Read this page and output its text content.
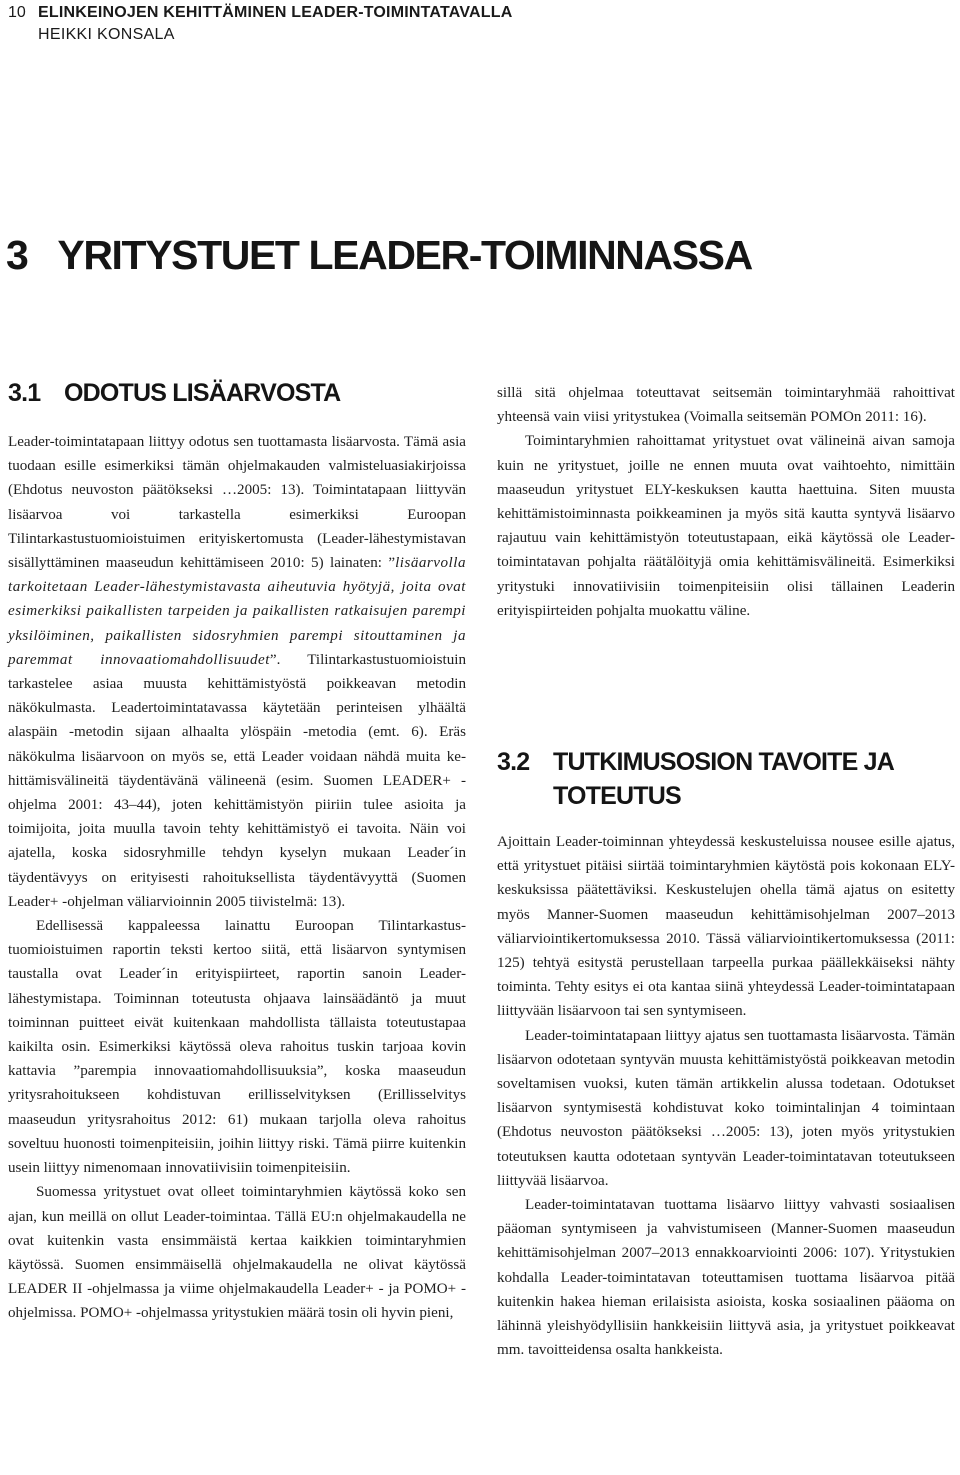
10 ELINKEINOJEN KEHITTÄMINEN LEADER-TOIMINTATAVALLA
HEIKKI KONSALA
3 YRITYSTUET LEADER-TOIMINNASSA
3.1 ODOTUS LISÄARVOSTA

Leader-toimintatapaan liittyy odotus sen tuottamasta lisäarvosta. Tämä asia tuodaan esille esimerkiksi tämän ohjelmakauden valmisteluasiakirjoissa (Ehdotus neuvoston päätökseksi …2005: 13). Toimintatapaan liittyvän lisäarvoa voi tarkastella esimerkiksi Euroopan Tilintarkastustuomioistuimen erityiskertomusta (Leader-lähestymistavan sisällyttäminen maaseudun kehittämiseen 2010: 5) lainaten: ”lisäarvolla tarkoitetaan Leader-lähestymistavasta aiheutuvia hyötyjä, joita ovat esimerkiksi paikallisten tarpeiden ja paikallisten ratkaisujen parempi yksilöiminen, paikallisten sidosryhmien parempi sitouttaminen ja paremmat innovaatiomahdollisuudet”. Tilintarkastustuomioistuin tarkastelee asiaa muusta kehittämistyöstä poikkeavan metodin näkökulmasta. Leadertoimintatavassa käytetään perinteisen ylhäältä alaspäin -metodin sijaan alhaalta ylöspäin -metodia (emt. 6). Eräs näkökulma lisäarvoon on myös se, että Leader voidaan nähdä muita kehittämisvälineitä täydentävänä välineenä (esim. Suomen LEADER+ -ohjelma 2001: 43–44), joten kehittämistyön piiriin tulee asioita ja toimijoita, joita muulla tavoin tehty kehittämistyö ei tavoita. Näin voi ajatella, koska sidosryhmille tehdyn kyselyn mukaan Leader´in täydentävyys on erityisesti rahoituksellista täydentävyyttä (Suomen Leader+ -ohjelman väliarvioinnin 2005 tiivistelmä: 13).

Edellisessä kappaleessa lainattu Euroopan Tilintarkastustuomioistuimen raportin teksti kertoo siitä, että lisäarvon syntymisen taustalla ovat Leader´in erityispiirteet, raportin sanoin Leader-lähestymistapa. Toiminnan toteutusta ohjaava lainsäädäntö ja muut toiminnan puitteet eivät kuitenkaan mahdollista tällaista toteutustapaa kaikilta osin. Esimerkiksi käytössä oleva rahoitus tuskin tarjoaa kovin kattavia ”parempia innovaatiomahdollisuuksia”, koska maaseudun yritysrahoitukseen kohdistuvan erillisselvityksen (Erillisselvitys maaseudun yritysrahoitus 2012: 61) mukaan tarjolla oleva rahoitus soveltuu huonosti toimenpiteisiin, joihin liittyy riski. Tämä piirre kuitenkin usein liittyy nimenomaan innovatiivisiin toimenpiteisiin.

Suomessa yritystuet ovat olleet toimintaryhmien käytössä koko sen ajan, kun meillä on ollut Leader-toimintaa. Tällä EU:n ohjelmakaudella ne ovat kuitenkin vasta ensimmäistä kertaa kaikkien toimintaryhmien käytössä. Suomen ensimmäisellä ohjelmakaudella ne olivat käytössä LEADER II -ohjelmassa ja viime ohjelmakaudella Leader+ - ja POMO+ -ohjelmissa. POMO+ -ohjelmassa yritystukien määrä tosin oli hyvin pieni,

sillä sitä ohjelmaa toteuttavat seitsemän toimintaryhmää rahoittivat yhteensä vain viisi yritystukea (Voimalla seitsemän POMOn 2011: 16).

Toimintaryhmien rahoittamat yritystuet ovat välineinä aivan samoja kuin ne yritystuet, joille ne ennen muuta ovat vaihtoehto, nimittäin maaseudun yritystuet ELY-keskuksen kautta haettuina. Siten muusta kehittämistoiminnasta poikkeaminen ja myös sitä kautta syntyvä lisäarvo rajautuu vain kehittämistyön toteutustapaan, eikä käytössä ole Leader-toimintatavan pohjalta räätälöityjä omia kehittämisvälineitä. Esimerkiksi yritystuki innovatiivisiin toimenpiteisiin olisi tällainen Leaderin erityispiirteiden pohjalta muokattu väline.

3.2 TUTKIMUSOSION TAVOITE JA TOTEUTUS

Ajoittain Leader-toiminnan yhteydessä keskusteluissa nousee esille ajatus, että yritystuet pitäisi siirtää toimintaryhmien käytöstä pois kokonaan ELY-keskuksissa päätettäviksi. Keskustelujen ohella tämä ajatus on esitetty myös Manner-Suomen maaseudun kehittämisohjelman 2007–2013 väliarviointikertomuksessa 2010. Tässä väliarviointikertomuksessa (2011: 125) tehtyä esitystä perustellaan tarpeella purkaa päällekkäiseksi nähty toiminta. Tehty esitys ei ota kantaa siinä yhteydessä Leader-toimintatapaan liittyvään lisäarvoon tai sen syntymiseen.

Leader-toimintatapaan liittyy ajatus sen tuottamasta lisäarvosta. Tämän lisäarvon odotetaan syntyvän muusta kehittämistyöstä poikkeavan metodin soveltamisen vuoksi, kuten tämän artikkelin alussa todetaan. Odotukset lisäarvon syntymisestä kohdistuvat koko toimintalinjan 4 toimintaan (Ehdotus neuvoston päätökseksi …2005: 13), joten myös yritystukien toteutuksen kautta odotetaan syntyvän Leader-toimintatavan toteutukseen liittyvää lisäarvoa.

Leader-toimintatavan tuottama lisäarvo liittyy vahvasti sosiaalisen pääoman syntymiseen ja vahvistumiseen (Manner-Suomen maaseudun kehittämisohjelman 2007–2013 ennakkoarviointi 2006: 107). Yritystukien kohdalla Leader-toimintatavan toteuttamisen tuottama lisäarvoa pitää kuitenkin hakea hieman erilaisista asioista, koska sosiaalinen pääoma on lähinnä yleishyödyllisiin hankkeisiin liittyvä asia, ja yritystuet poikkeavat mm. tavoitteidensa osalta hankkeista.
